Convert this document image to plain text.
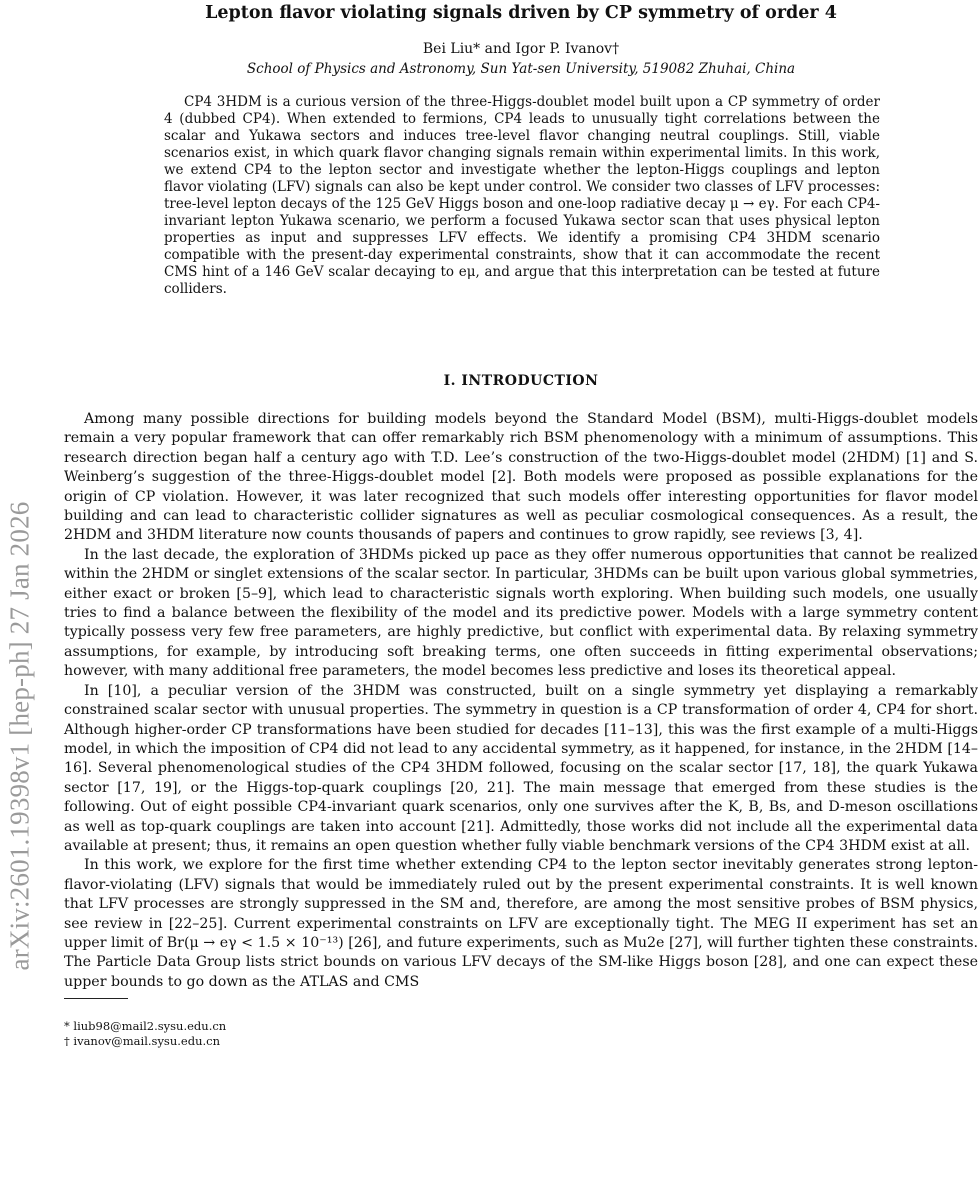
arXiv:2601.19398v1 [hep-ph] 27 Jan 2026
Lepton flavor violating signals driven by CP symmetry of order 4
Bei Liu* and Igor P. Ivanov†
School of Physics and Astronomy, Sun Yat-sen University, 519082 Zhuhai, China

CP4 3HDM is a curious version of the three-Higgs-doublet model built upon a CP symmetry of order 4 (dubbed CP4). When extended to fermions, CP4 leads to unusually tight correlations between the scalar and Yukawa sectors and induces tree-level flavor changing neutral couplings. Still, viable scenarios exist, in which quark flavor changing signals remain within experimental limits. In this work, we extend CP4 to the lepton sector and investigate whether the lepton-Higgs couplings and lepton flavor violating (LFV) signals can also be kept under control. We consider two classes of LFV processes: tree-level lepton decays of the 125 GeV Higgs boson and one-loop radiative decay μ → eγ. For each CP4-invariant lepton Yukawa scenario, we perform a focused Yukawa sector scan that uses physical lepton properties as input and suppresses LFV effects. We identify a promising CP4 3HDM scenario compatible with the present-day experimental constraints, show that it can accommodate the recent CMS hint of a 146 GeV scalar decaying to eμ, and argue that this interpretation can be tested at future colliders.

I. INTRODUCTION

Among many possible directions for building models beyond the Standard Model (BSM), multi-Higgs-doublet models remain a very popular framework that can offer remarkably rich BSM phenomenology with a minimum of assumptions. This research direction began half a century ago with T.D. Lee’s construction of the two-Higgs-doublet model (2HDM) [1] and S. Weinberg’s suggestion of the three-Higgs-doublet model [2]. Both models were proposed as possible explanations for the origin of CP violation. However, it was later recognized that such models offer interesting opportunities for flavor model building and can lead to characteristic collider signatures as well as peculiar cosmological consequences. As a result, the 2HDM and 3HDM literature now counts thousands of papers and continues to grow rapidly, see reviews [3, 4].

In the last decade, the exploration of 3HDMs picked up pace as they offer numerous opportunities that cannot be realized within the 2HDM or singlet extensions of the scalar sector. In particular, 3HDMs can be built upon various global symmetries, either exact or broken [5–9], which lead to characteristic signals worth exploring. When building such models, one usually tries to find a balance between the flexibility of the model and its predictive power. Models with a large symmetry content typically possess very few free parameters, are highly predictive, but conflict with experimental data. By relaxing symmetry assumptions, for example, by introducing soft breaking terms, one often succeeds in fitting experimental observations; however, with many additional free parameters, the model becomes less predictive and loses its theoretical appeal.

In [10], a peculiar version of the 3HDM was constructed, built on a single symmetry yet displaying a remarkably constrained scalar sector with unusual properties. The symmetry in question is a CP transformation of order 4, CP4 for short. Although higher-order CP transformations have been studied for decades [11–13], this was the first example of a multi-Higgs model, in which the imposition of CP4 did not lead to any accidental symmetry, as it happened, for instance, in the 2HDM [14–16]. Several phenomenological studies of the CP4 3HDM followed, focusing on the scalar sector [17, 18], the quark Yukawa sector [17, 19], or the Higgs-top-quark couplings [20, 21]. The main message that emerged from these studies is the following. Out of eight possible CP4-invariant quark scenarios, only one survives after the K, B, Bs, and D-meson oscillations as well as top-quark couplings are taken into account [21]. Admittedly, those works did not include all the experimental data available at present; thus, it remains an open question whether fully viable benchmark versions of the CP4 3HDM exist at all.

In this work, we explore for the first time whether extending CP4 to the lepton sector inevitably generates strong lepton-flavor-violating (LFV) signals that would be immediately ruled out by the present experimental constraints. It is well known that LFV processes are strongly suppressed in the SM and, therefore, are among the most sensitive probes of BSM physics, see review in [22–25]. Current experimental constraints on LFV are exceptionally tight. The MEG II experiment has set an upper limit of Br(μ → eγ < 1.5 × 10⁻¹³) [26], and future experiments, such as Mu2e [27], will further tighten these constraints. The Particle Data Group lists strict bounds on various LFV decays of the SM-like Higgs boson [28], and one can expect these upper bounds to go down as the ATLAS and CMS

* liub98@mail2.sysu.edu.cn
† ivanov@mail.sysu.edu.cn
